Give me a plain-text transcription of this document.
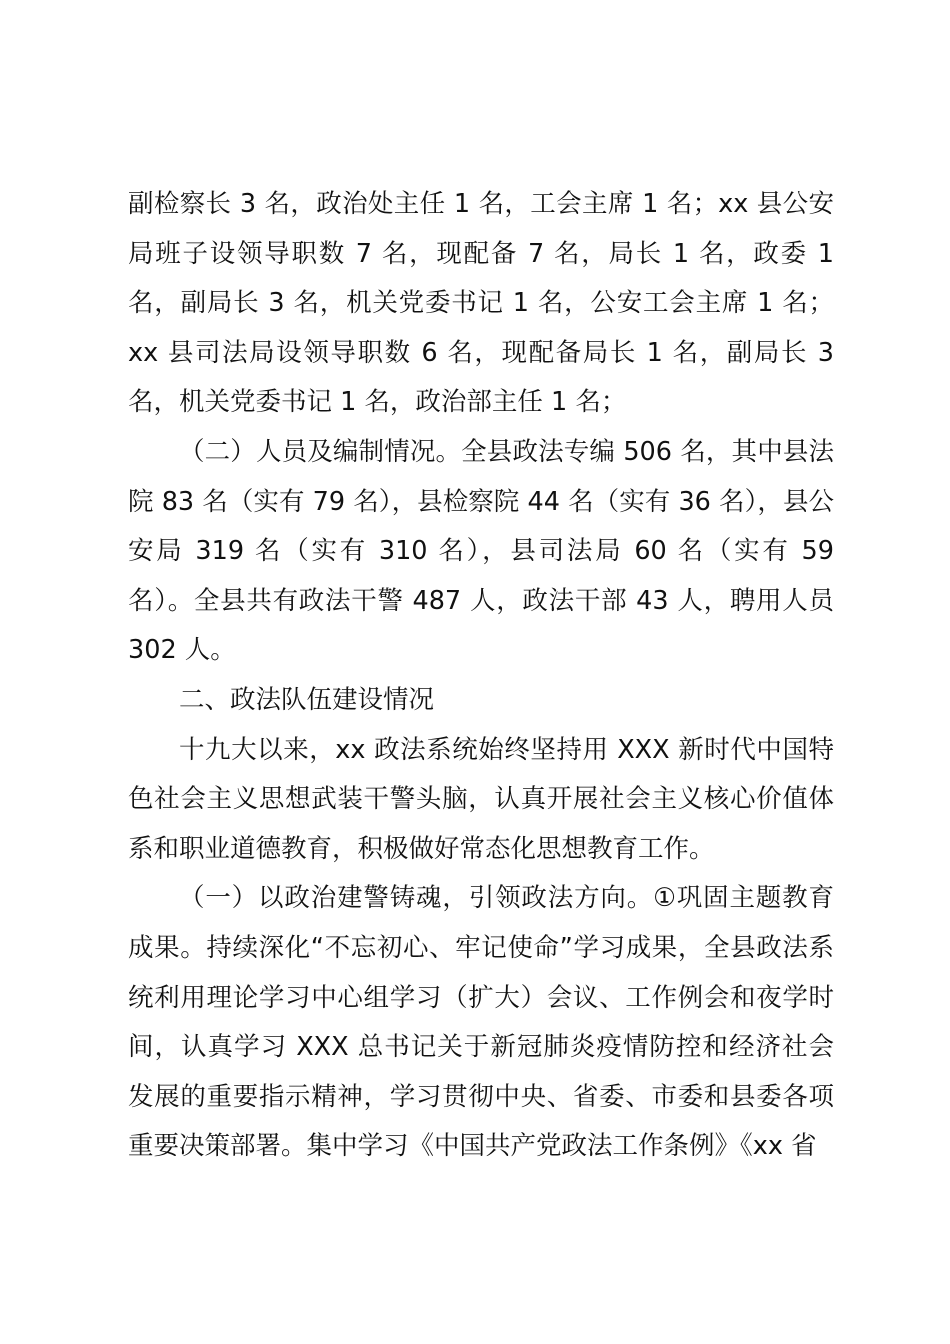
副检察长 3 名，政治处主任 1 名，工会主席 1 名；xx 县公安局班子设领导职数 7 名，现配备 7 名，局长 1 名，政委 1 名，副局长 3 名，机关党委书记 1 名，公安工会主席 1 名；xx 县司法局设领导职数 6 名，现配备局长 1 名，副局长 3 名，机关党委书记 1 名，政治部主任 1 名；

（二）人员及编制情况。全县政法专编 506 名，其中县法院 83 名（实有 79 名），县检察院 44 名（实有 36 名），县公安局 319 名（实有 310 名），县司法局 60 名（实有 59 名）。全县共有政法干警 487 人，政法干部 43 人，聘用人员 302 人。

二、政法队伍建设情况

十九大以来，xx 政法系统始终坚持用 XXX 新时代中国特色社会主义思想武装干警头脑，认真开展社会主义核心价值体系和职业道德教育，积极做好常态化思想教育工作。

（一）以政治建警铸魂，引领政法方向。①巩固主题教育成果。持续深化“不忘初心、牢记使命”学习成果，全县政法系统利用理论学习中心组学习（扩大）会议、工作例会和夜学时间，认真学习 XXX 总书记关于新冠肺炎疫情防控和经济社会发展的重要指示精神，学习贯彻中央、省委、市委和县委各项重要决策部署。集中学习《中国共产党政法工作条例》《xx 省
